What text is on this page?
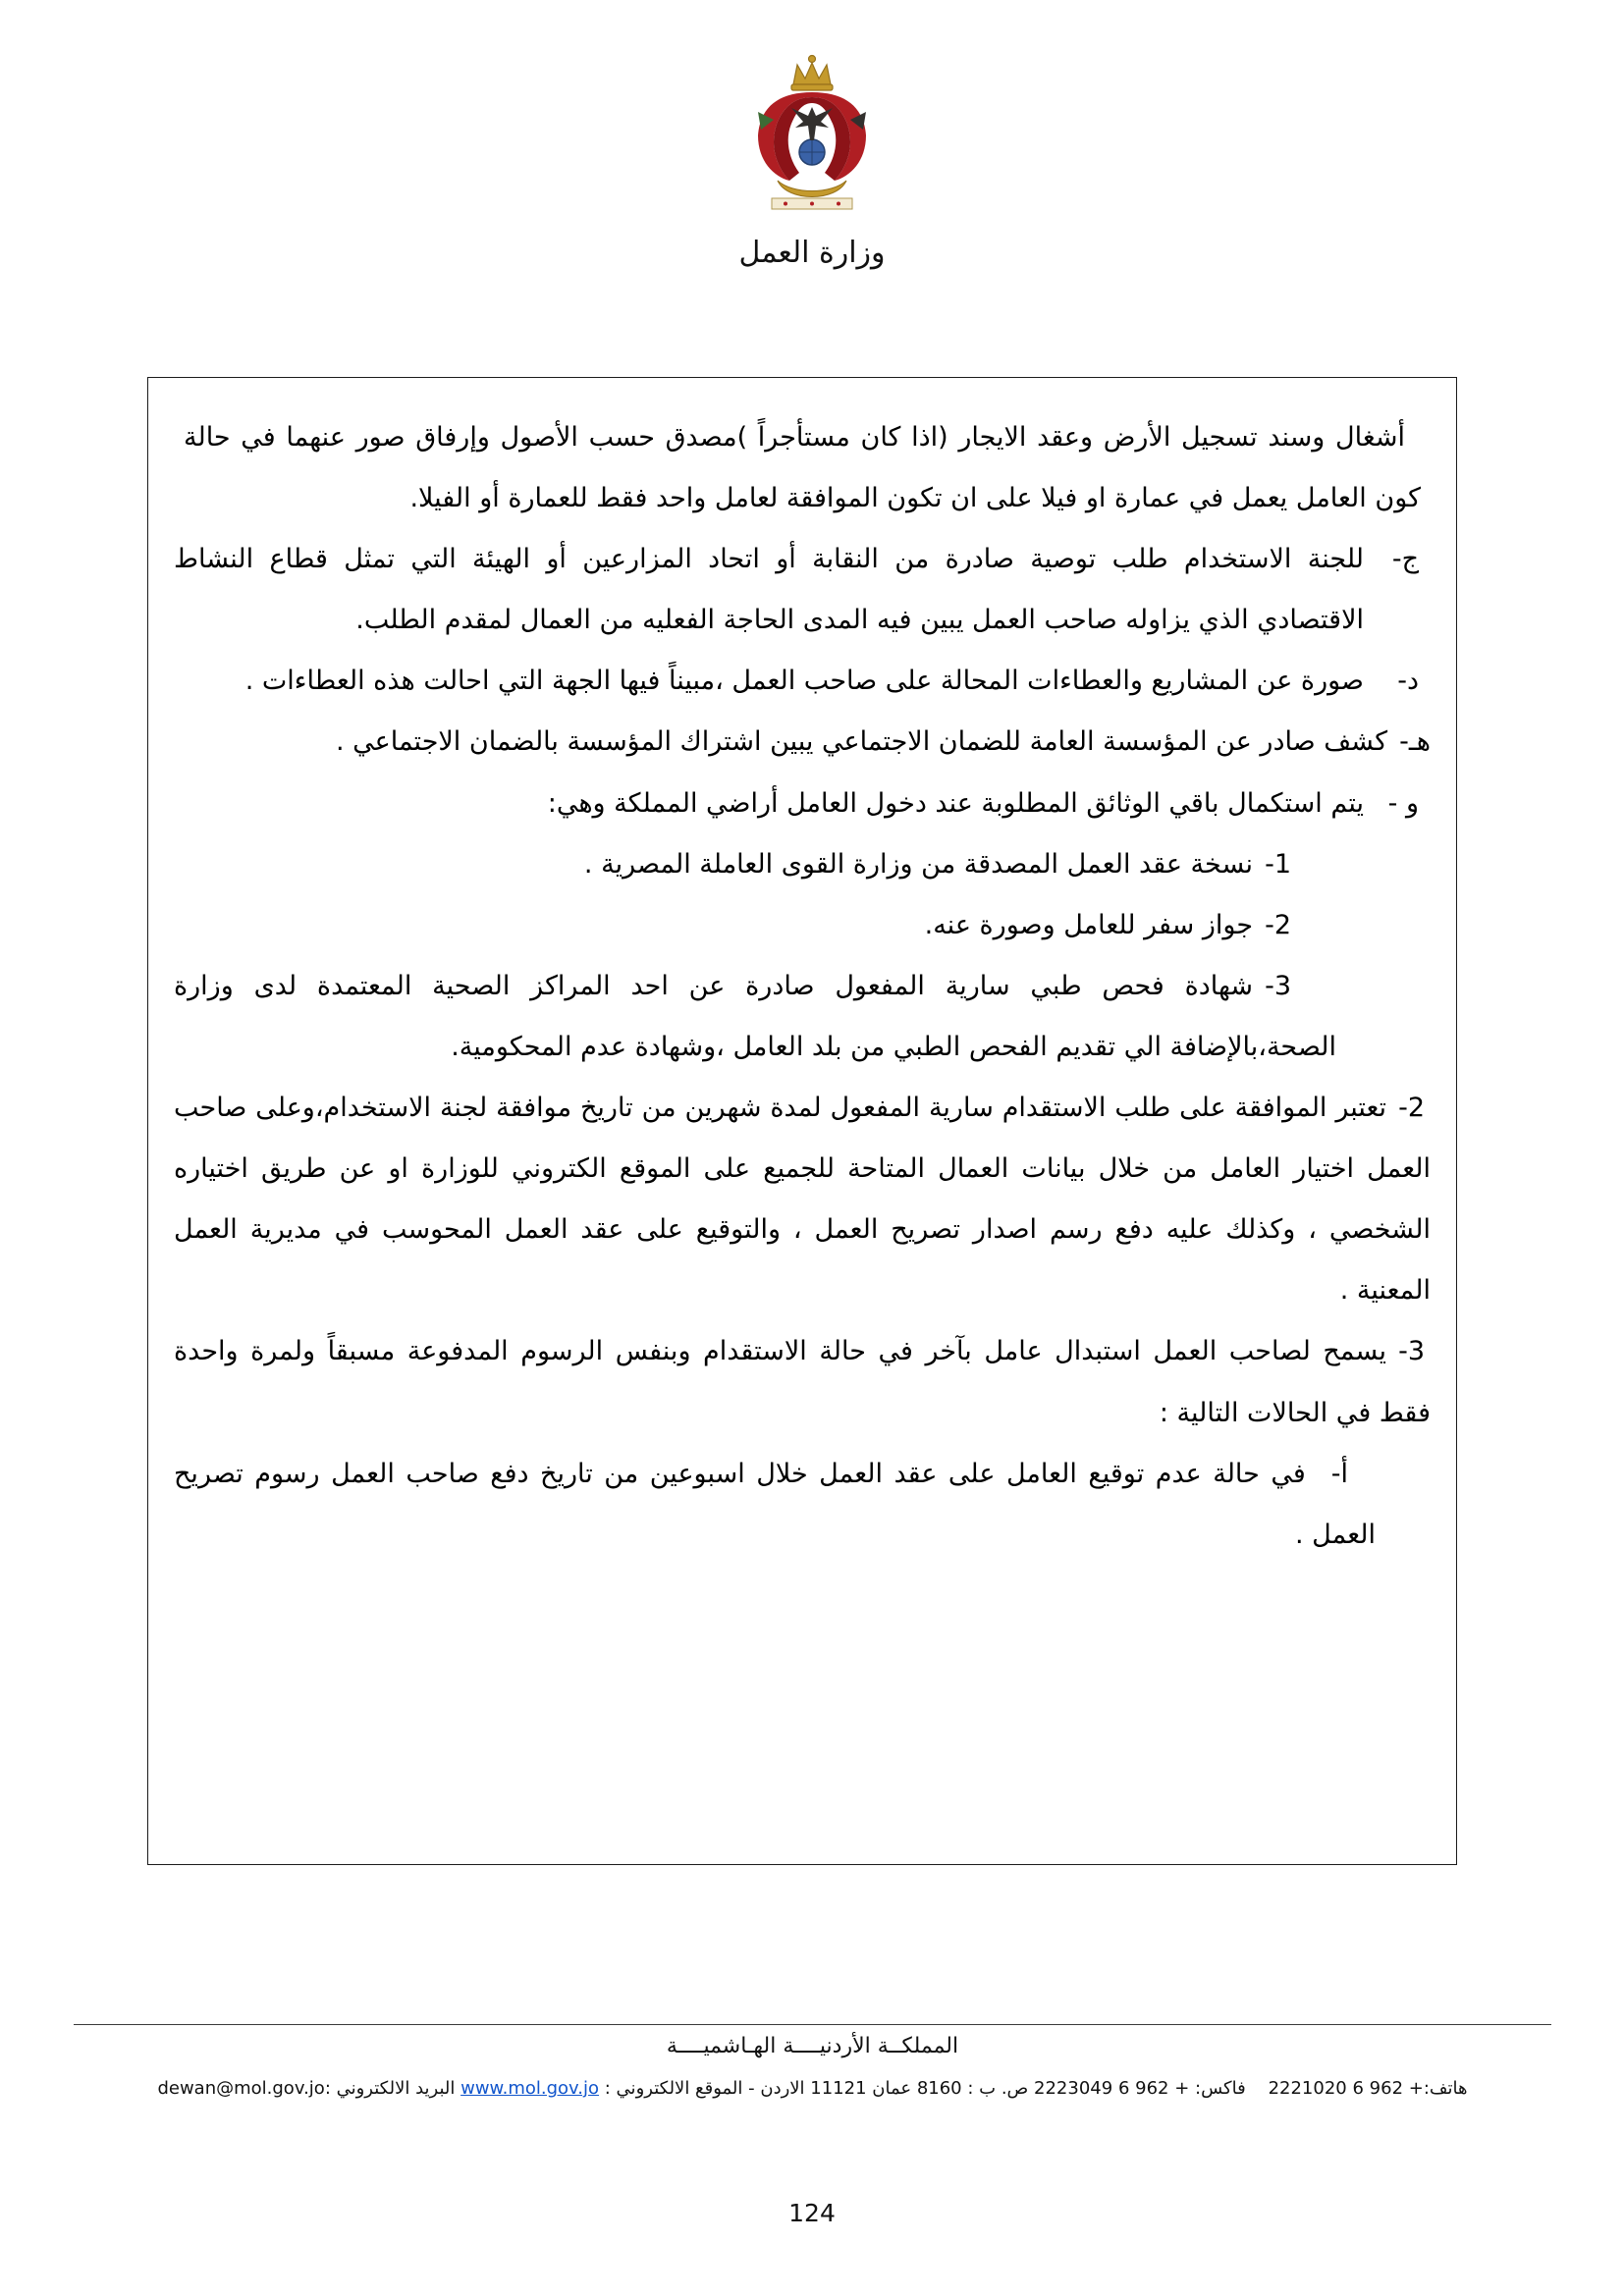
وزارة العمل

أشغال وسند تسجيل الأرض وعقد الايجار (اذا كان مستأجراً )مصدق حسب الأصول وإرفاق صور عنهما في حالة كون العامل يعمل في عمارة او فيلا على ان تكون الموافقة لعامل واحد فقط للعمارة أو الفيلا.

ج-
للجنة الاستخدام طلب توصية صادرة من النقابة أو اتحاد المزارعين أو الهيئة التي تمثل قطاع النشاط الاقتصادي الذي يزاوله صاحب العمل يبين فيه المدى الحاجة الفعليه من العمال لمقدم الطلب.
د-
صورة عن المشاريع والعطاءات المحالة على صاحب العمل ،مبيناً فيها الجهة التي احالت هذه العطاءات .

هـ-كشف صادر عن المؤسسة العامة للضمان الاجتماعي يبين اشتراك المؤسسة بالضمان الاجتماعي .

و -
يتم استكمال باقي الوثائق المطلوبة عند دخول العامل أراضي المملكة وهي:

1-نسخة عقد العمل المصدقة من وزارة القوى العاملة المصرية .

2-جواز سفر للعامل وصورة عنه.

3-شهادة فحص طبي سارية المفعول صادرة عن احد المراكز الصحية المعتمدة لدى وزارة الصحة،بالإضافة الي تقديم الفحص الطبي من بلد العامل ،وشهادة عدم المحكومية.

2-تعتبر الموافقة على طلب الاستقدام سارية المفعول لمدة شهرين من تاريخ موافقة لجنة الاستخدام،وعلى صاحب العمل اختيار العامل من خلال بيانات العمال المتاحة للجميع على الموقع الكتروني للوزارة او عن طريق اختياره الشخصي ، وكذلك عليه دفع رسم اصدار تصريح العمل ، والتوقيع على عقد العمل المحوسب في مديرية العمل المعنية .

3-يسمح لصاحب العمل استبدال عامل بآخر في حالة الاستقدام وبنفس الرسوم المدفوعة مسبقاً ولمرة واحدة فقط في الحالات التالية :

أ-في حالة عدم توقيع العامل على عقد العمل خلال اسبوعين من تاريخ دفع صاحب العمل رسوم تصريح العمل .

المملكــة الأردنيــــة الهـاشميــــة

هاتف:+ 962 6 2221020    فاكس: + 962 6 2223049 ص. ب : 8160 عمان 11121 الاردن - الموقع الالكتروني : www.mol.gov.jo البريد الالكتروني :dewan@mol.gov.jo

124
